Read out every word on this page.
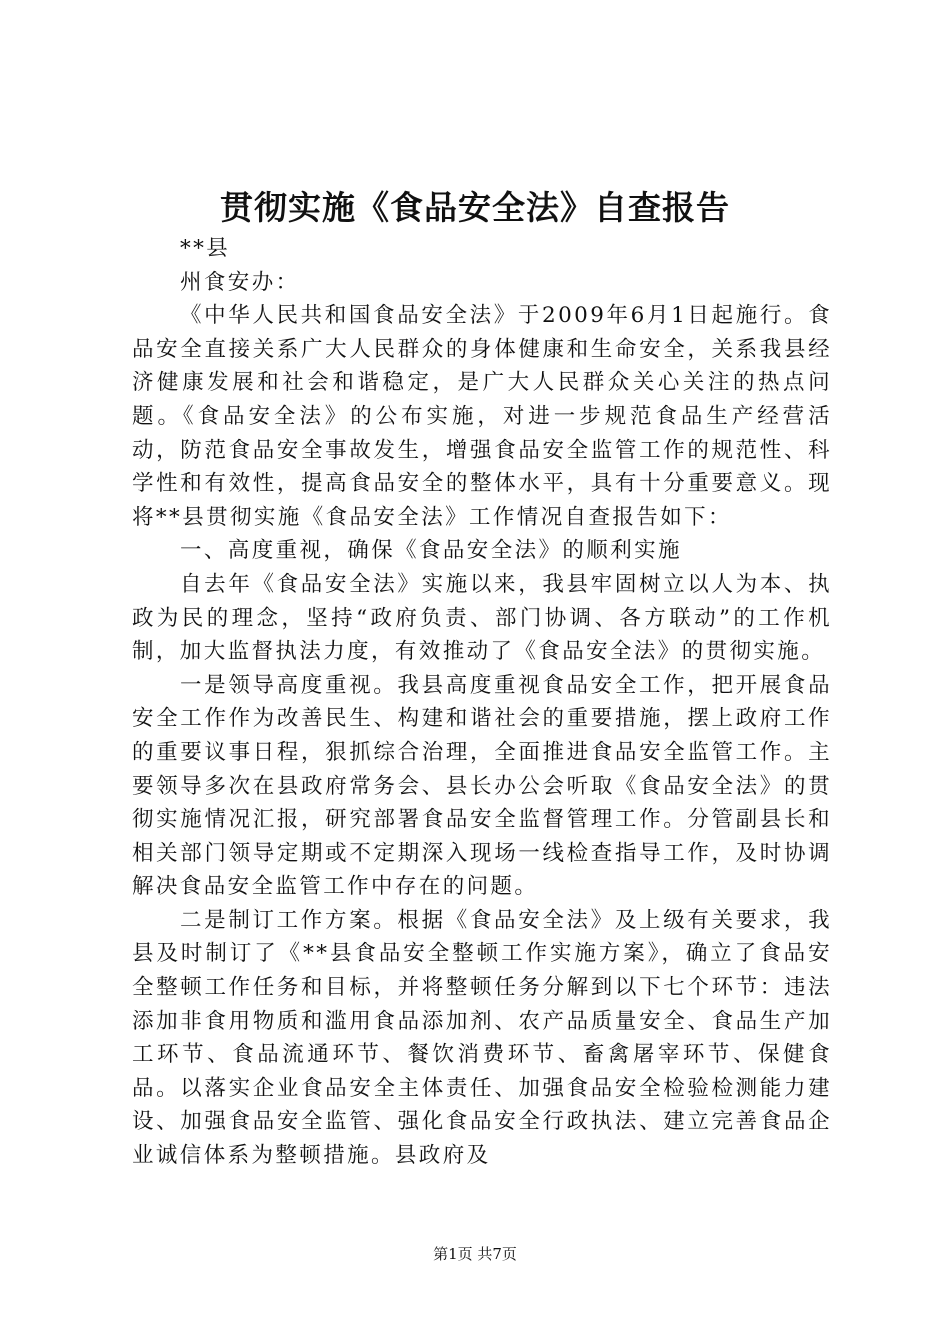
贯彻实施《食品安全法》自查报告

**县

州食安办：

《中华人民共和国食品安全法》于2009年6月1日起施行。食品安全直接关系广大人民群众的身体健康和生命安全，关系我县经济健康发展和社会和谐稳定，是广大人民群众关心关注的热点问题。《食品安全法》的公布实施，对进一步规范食品生产经营活动，防范食品安全事故发生，增强食品安全监管工作的规范性、科学性和有效性，提高食品安全的整体水平，具有十分重要意义。现将**县贯彻实施《食品安全法》工作情况自查报告如下：

一、高度重视，确保《食品安全法》的顺利实施

自去年《食品安全法》实施以来，我县牢固树立以人为本、执政为民的理念，坚持“政府负责、部门协调、各方联动”的工作机制，加大监督执法力度，有效推动了《食品安全法》的贯彻实施。

一是领导高度重视。我县高度重视食品安全工作，把开展食品安全工作作为改善民生、构建和谐社会的重要措施，摆上政府工作的重要议事日程，狠抓综合治理，全面推进食品安全监管工作。主要领导多次在县政府常务会、县长办公会听取《食品安全法》的贯彻实施情况汇报，研究部署食品安全监督管理工作。分管副县长和相关部门领导定期或不定期深入现场一线检查指导工作，及时协调解决食品安全监管工作中存在的问题。

二是制订工作方案。根据《食品安全法》及上级有关要求，我县及时制订了《**县食品安全整顿工作实施方案》，确立了食品安全整顿工作任务和目标，并将整顿任务分解到以下七个环节：违法添加非食用物质和滥用食品添加剂、农产品质量安全、食品生产加工环节、食品流通环节、餐饮消费环节、畜禽屠宰环节、保健食品。以落实企业食品安全主体责任、加强食品安全检验检测能力建设、加强食品安全监管、强化食品安全行政执法、建立完善食品企业诚信体系为整顿措施。县政府及

第1页 共7页
